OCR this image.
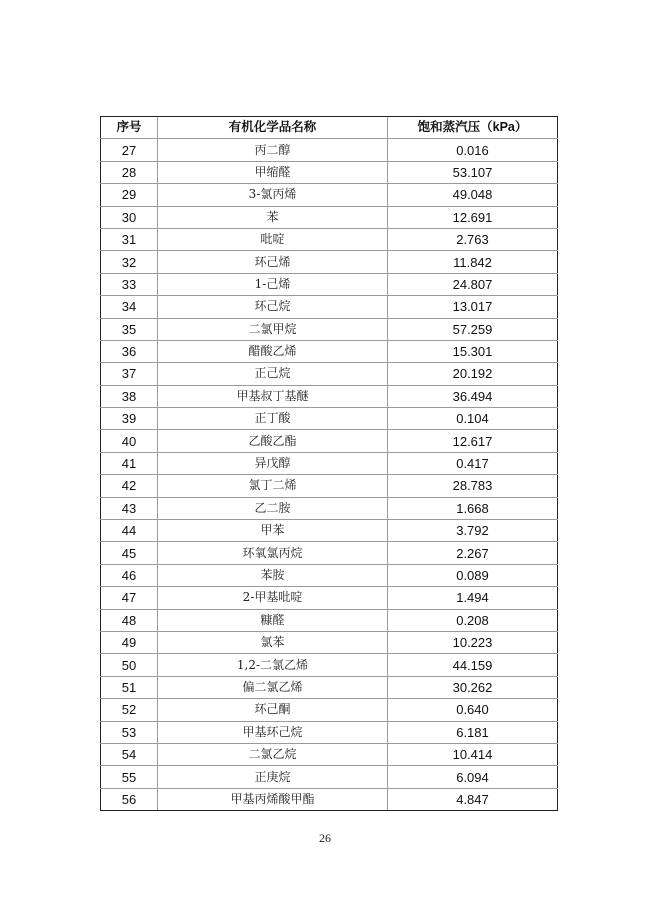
序号	有机化学品名称	饱和蒸汽压（kPa）
27	丙二醇	0.016
28	甲缩醛	53.107
29	3-氯丙烯	49.048
30	苯	12.691
31	吡啶	2.763
32	环己烯	11.842
33	1-己烯	24.807
34	环己烷	13.017
35	二氯甲烷	57.259
36	醋酸乙烯	15.301
37	正己烷	20.192
38	甲基叔丁基醚	36.494
39	正丁酸	0.104
40	乙酸乙酯	12.617
41	异戊醇	0.417
42	氯丁二烯	28.783
43	乙二胺	1.668
44	甲苯	3.792
45	环氧氯丙烷	2.267
46	苯胺	0.089
47	2-甲基吡啶	1.494
48	糠醛	0.208
49	氯苯	10.223
50	1,2-二氯乙烯	44.159
51	偏二氯乙烯	30.262
52	环己酮	0.640
53	甲基环己烷	6.181
54	二氯乙烷	10.414
55	正庚烷	6.094
56	甲基丙烯酸甲酯	4.847
26
